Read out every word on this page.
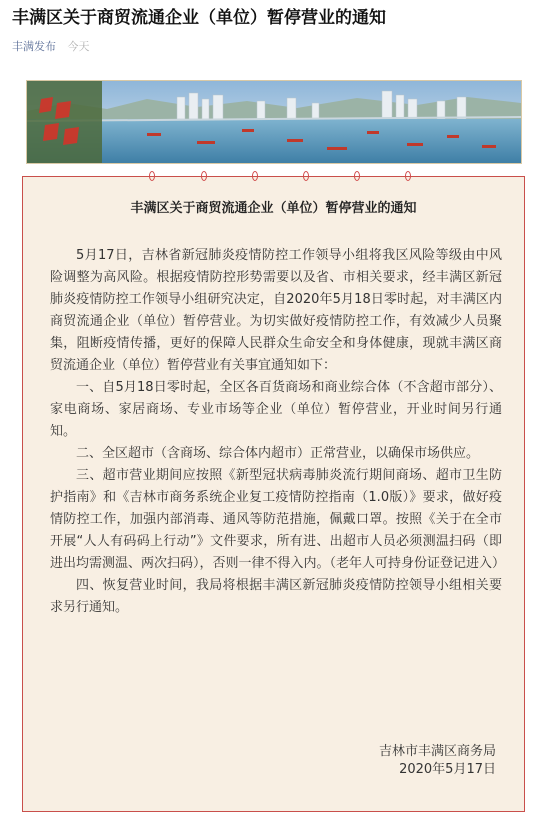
丰满区关于商贸流通企业（单位）暂停营业的通知
丰满发布 今天
丰满区关于商贸流通企业（单位）暂停营业的通知

5月17日，吉林省新冠肺炎疫情防控工作领导小组将我区风险等级由中风险调整为高风险。根据疫情防控形势需要以及省、市相关要求，经丰满区新冠肺炎疫情防控工作领导小组研究决定，自2020年5月18日零时起，对丰满区内商贸流通企业（单位）暂停营业。为切实做好疫情防控工作，有效减少人员聚集，阻断疫情传播，更好的保障人民群众生命安全和身体健康，现就丰满区商贸流通企业（单位）暂停营业有关事宜通知如下：

一、自5月18日零时起，全区各百货商场和商业综合体（不含超市部分）、家电商场、家居商场、专业市场等企业（单位）暂停营业，开业时间另行通知。

二、全区超市（含商场、综合体内超市）正常营业，以确保市场供应。

三、超市营业期间应按照《新型冠状病毒肺炎流行期间商场、超市卫生防护指南》和《吉林市商务系统企业复工疫情防控指南（1.0版）》要求，做好疫情防控工作，加强内部消毒、通风等防范措施，佩戴口罩。按照《关于在全市开展“人人有码码上行动”》文件要求，所有进、出超市人员必须测温扫码（即进出均需测温、两次扫码），否则一律不得入内。（老年人可持身份证登记进入）

四、恢复营业时间，我局将根据丰满区新冠肺炎疫情防控领导小组相关要求另行通知。

吉林市丰满区商务局
2020年5月17日
